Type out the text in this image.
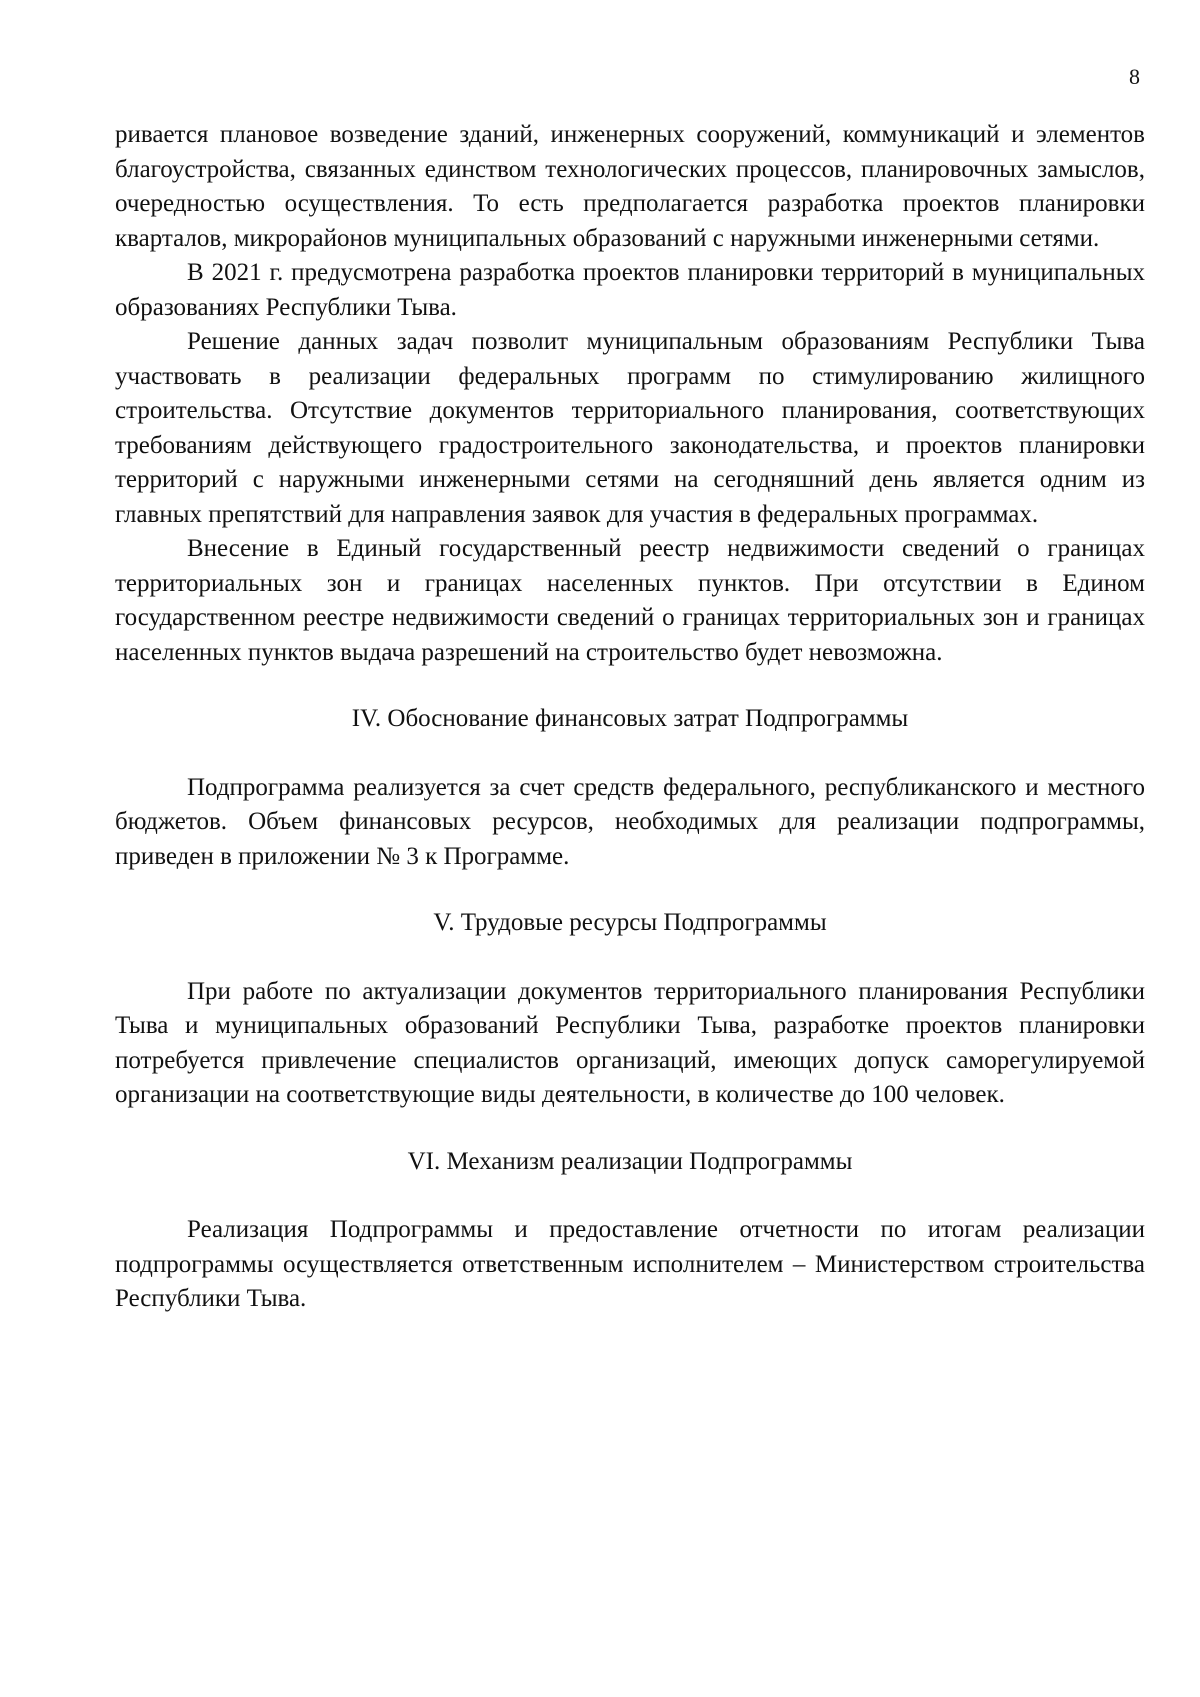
8

ривается плановое возведение зданий, инженерных сооружений, коммуникаций и элементов благоустройства, связанных единством технологических процессов, планировочных замыслов, очередностью осуществления. То есть предполагается разработка проектов планировки кварталов, микрорайонов муниципальных образований с наружными инженерными сетями.

В 2021 г. предусмотрена разработка проектов планировки территорий в муниципальных образованиях Республики Тыва.

Решение данных задач позволит муниципальным образованиям Республики Тыва участвовать в реализации федеральных программ по стимулированию жилищного строительства. Отсутствие документов территориального планирования, соответствующих требованиям действующего градостроительного законодательства, и проектов планировки территорий с наружными инженерными сетями на сегодняшний день является одним из главных препятствий для направления заявок для участия в федеральных программах.

Внесение в Единый государственный реестр недвижимости сведений о границах территориальных зон и границах населенных пунктов. При отсутствии в Едином государственном реестре недвижимости сведений о границах территориальных зон и границах населенных пунктов выдача разрешений на строительство будет невозможна.

IV. Обоснование финансовых затрат Подпрограммы

Подпрограмма реализуется за счет средств федерального, республиканского и местного бюджетов. Объем финансовых ресурсов, необходимых для реализации подпрограммы, приведен в приложении № 3 к Программе.

V. Трудовые ресурсы Подпрограммы

При работе по актуализации документов территориального планирования Республики Тыва и муниципальных образований Республики Тыва, разработке проектов планировки потребуется привлечение специалистов организаций, имеющих допуск саморегулируемой организации на соответствующие виды деятельности, в количестве до 100 человек.

VI. Механизм реализации Подпрограммы

Реализация Подпрограммы и предоставление отчетности по итогам реализации подпрограммы осуществляется ответственным исполнителем – Министерством строительства Республики Тыва.
